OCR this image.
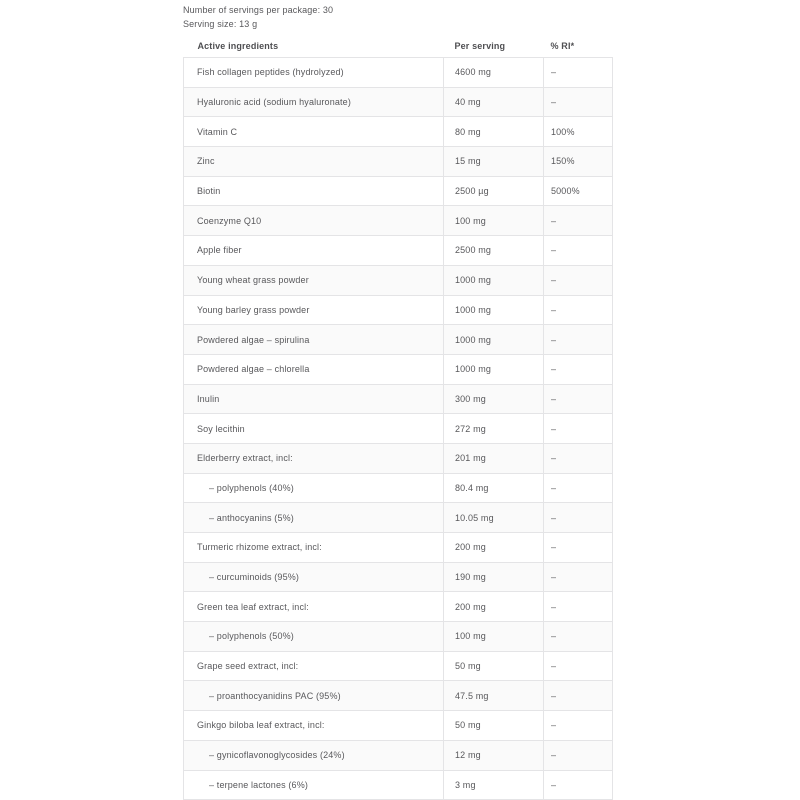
Number of servings per package: 30
Serving size: 13 g
Active ingredients	Per serving	% RI*
Fish collagen peptides (hydrolyzed)	4600 mg	–
Hyaluronic acid (sodium hyaluronate)	40 mg	–
Vitamin C	80 mg	100%
Zinc	15 mg	150%
Biotin	2500 µg	5000%
Coenzyme Q10	100 mg	–
Apple fiber	2500 mg	–
Young wheat grass powder	1000 mg	–
Young barley grass powder	1000 mg	–
Powdered algae – spirulina	1000 mg	–
Powdered algae – chlorella	1000 mg	–
Inulin	300 mg	–
Soy lecithin	272 mg	–
Elderberry extract, incl:	201 mg	–
– polyphenols (40%)	80.4 mg	–
– anthocyanins (5%)	10.05 mg	–
Turmeric rhizome extract, incl:	200 mg	–
– curcuminoids (95%)	190 mg	–
Green tea leaf extract, incl:	200 mg	–
– polyphenols (50%)	100 mg	–
Grape seed extract, incl:	50 mg	–
– proanthocyanidins PAC (95%)	47.5 mg	–
Ginkgo biloba leaf extract, incl:	50 mg	–
– gynicoflavonoglycosides (24%)	12 mg	–
– terpene lactones (6%)	3 mg	–
